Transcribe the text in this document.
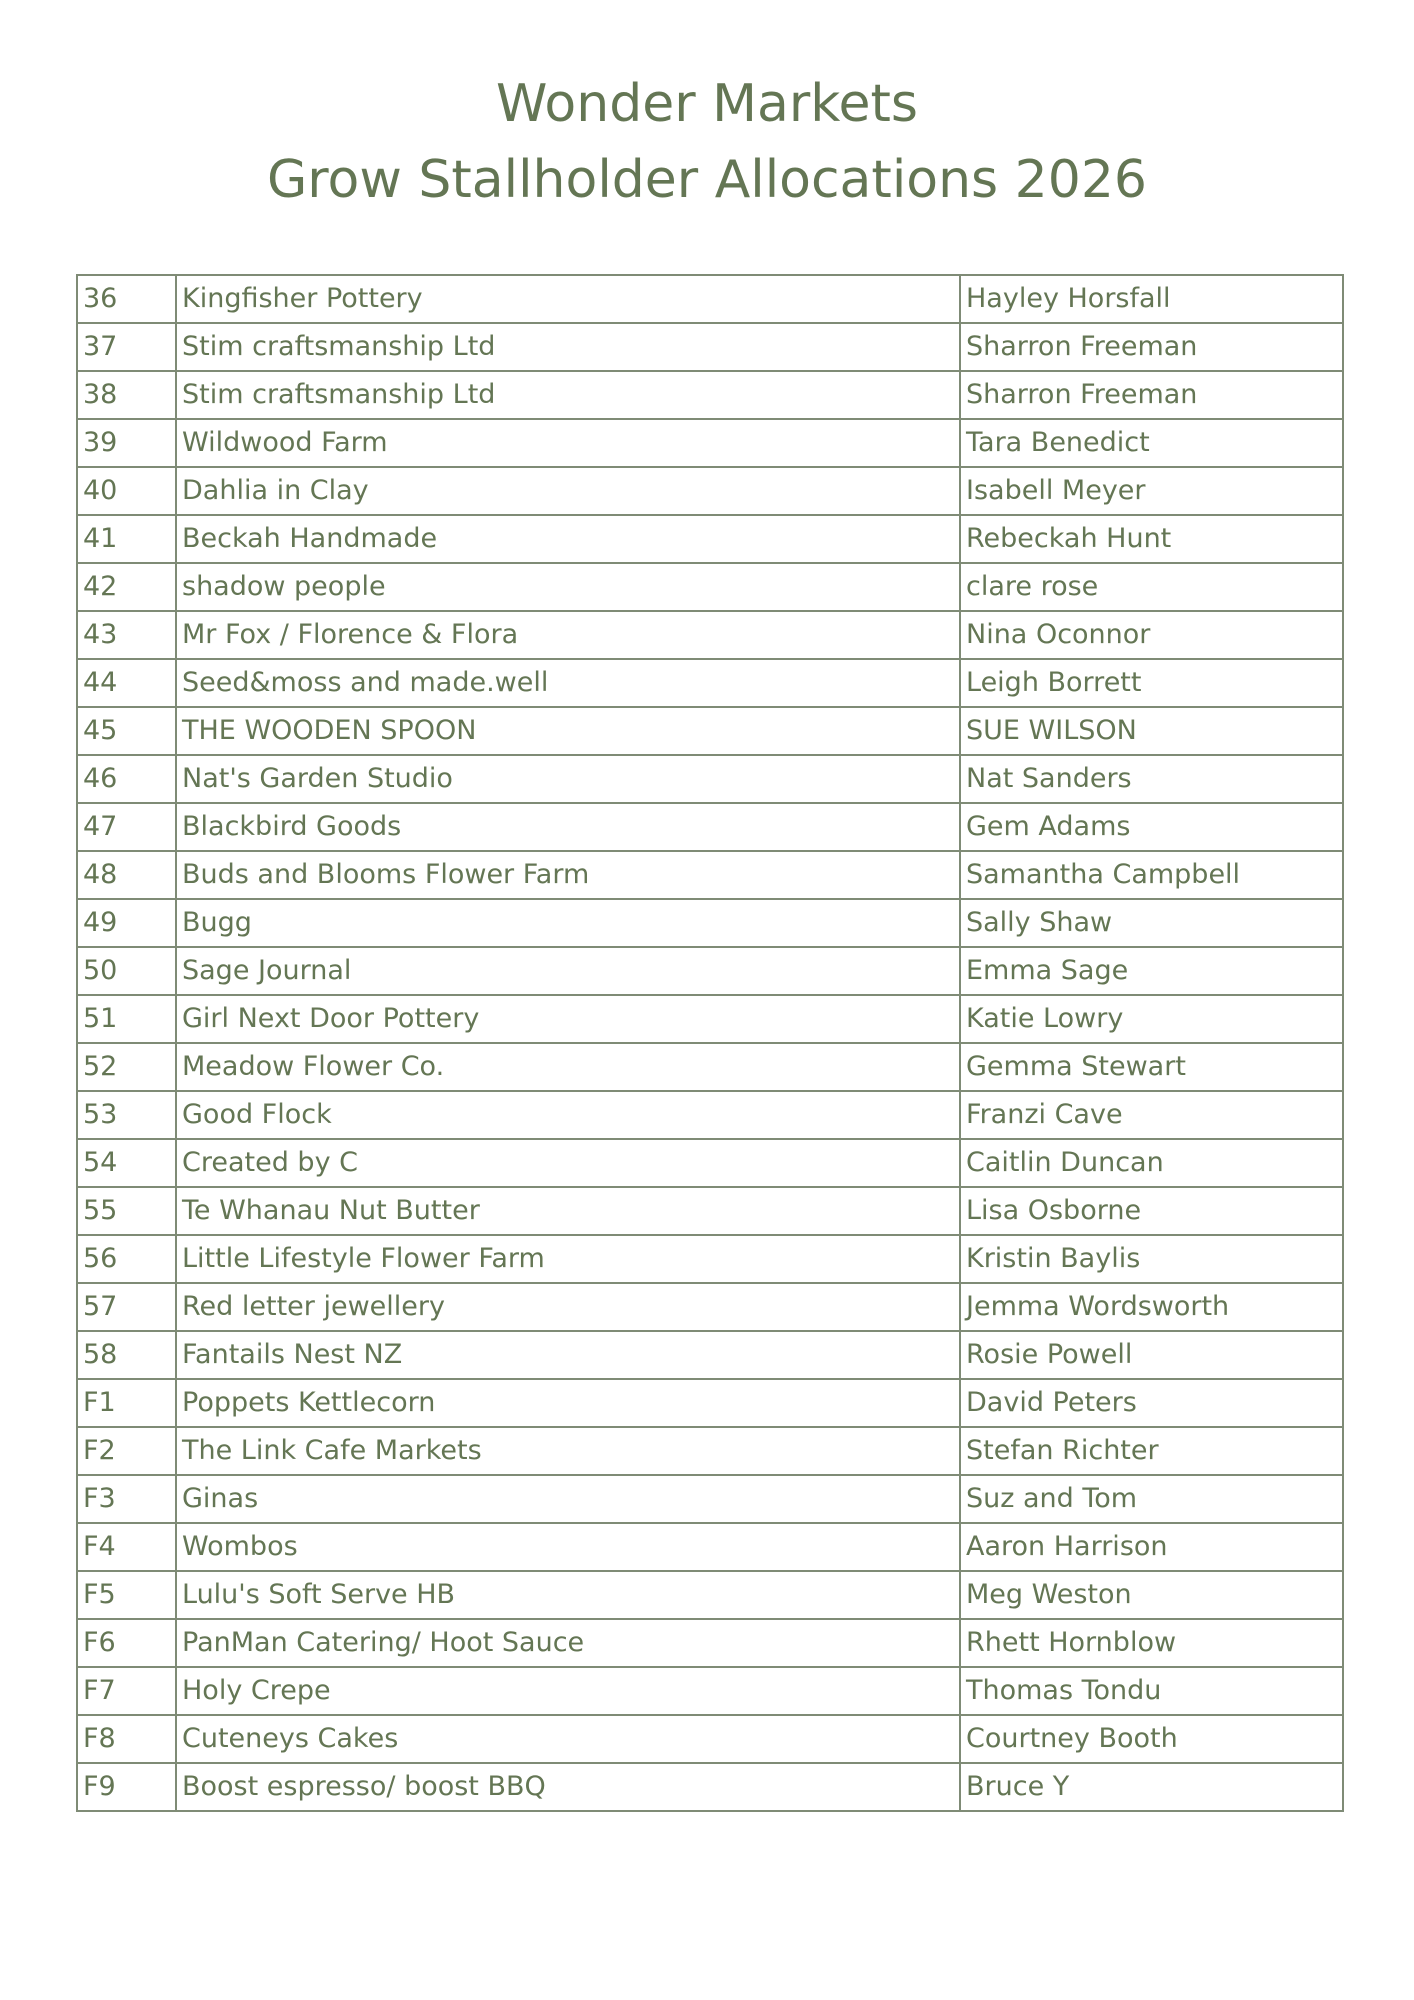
Wonder Markets
Grow Stallholder Allocations 2026
36	Kingfisher Pottery	Hayley Horsfall
37	Stim craftsmanship Ltd	Sharron Freeman
38	Stim craftsmanship Ltd	Sharron Freeman
39	Wildwood Farm	Tara Benedict
40	Dahlia in Clay	Isabell Meyer
41	Beckah Handmade	Rebeckah Hunt
42	shadow people	clare rose
43	Mr Fox / Florence & Flora	Nina Oconnor
44	Seed&moss and made.well	Leigh Borrett
45	THE WOODEN SPOON	SUE WILSON
46	Nat's Garden Studio	Nat Sanders
47	Blackbird Goods	Gem Adams
48	Buds and Blooms Flower Farm	Samantha Campbell
49	Bugg	Sally Shaw
50	Sage Journal	Emma Sage
51	Girl Next Door Pottery	Katie Lowry
52	Meadow Flower Co.	Gemma Stewart
53	Good Flock	Franzi Cave
54	Created by C	Caitlin Duncan
55	Te Whanau Nut Butter	Lisa Osborne
56	Little Lifestyle Flower Farm	Kristin Baylis
57	Red letter jewellery	Jemma Wordsworth
58	Fantails Nest NZ	Rosie Powell
F1	Poppets Kettlecorn	David Peters
F2	The Link Cafe Markets	Stefan Richter
F3	Ginas	Suz and Tom
F4	Wombos	Aaron Harrison
F5	Lulu's Soft Serve HB	Meg Weston
F6	PanMan Catering/ Hoot Sauce	Rhett Hornblow
F7	Holy Crepe	Thomas Tondu
F8	Cuteneys Cakes	Courtney Booth
F9	Boost espresso/ boost BBQ	Bruce Y
